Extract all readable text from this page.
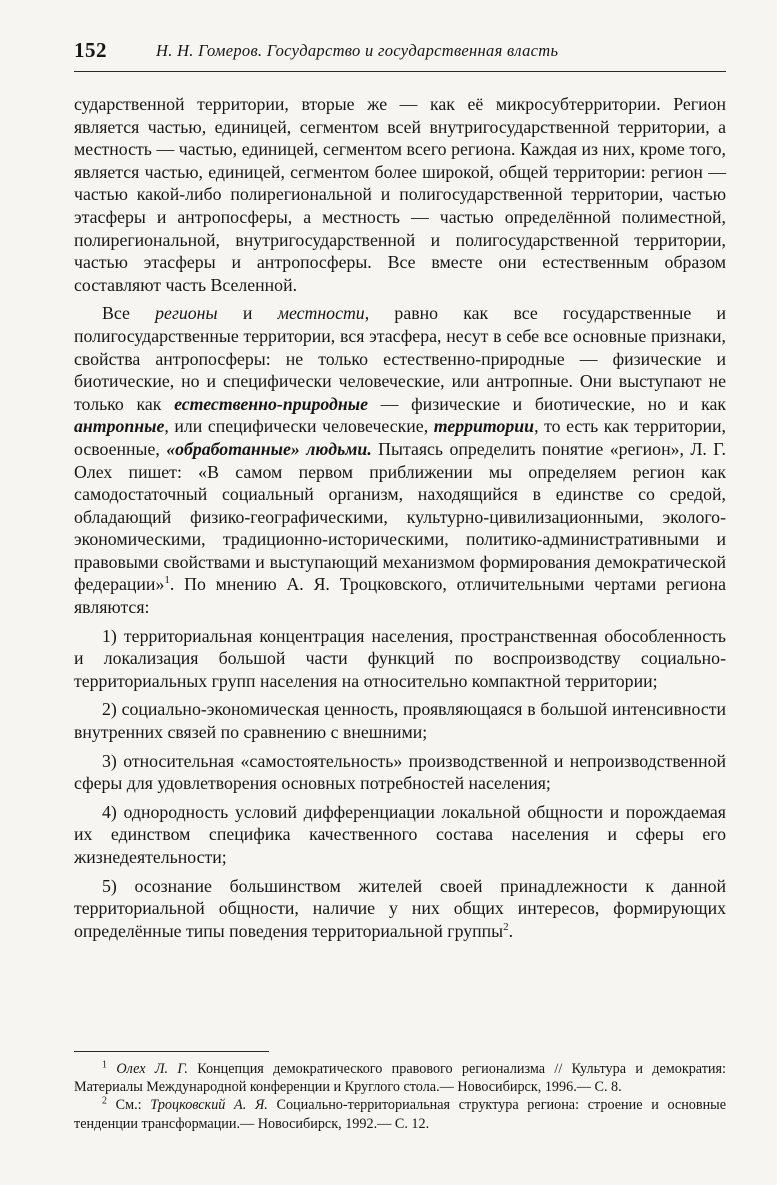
152	Н. Н. Гомеров. Государство и государственная власть

сударственной территории, вторые же — как её микросубтерритории. Регион является частью, единицей, сегментом всей внутригосударственной территории, а местность — частью, единицей, сегментом всего региона. Каждая из них, кроме того, является частью, единицей, сегментом более широкой, общей территории: регион — частью какой-либо полирегиональной и полигосударственной территории, частью этасферы и антропосферы, а местность — частью определённой полиместной, полирегиональной, внутригосударственной и полигосударственной территории, частью этасферы и антропосферы. Все вместе они естественным образом составляют часть Вселенной.

Все регионы и местности, равно как все государственные и полигосударственные территории, вся этасфера, несут в себе все основные признаки, свойства антропосферы: не только естественно-природные — физические и биотические, но и специфически человеческие, или антропные. Они выступают не только как естественно-природные — физические и биотические, но и как антропные, или специфически человеческие, территории, то есть как территории, освоенные, «обработанные» людьми. Пытаясь определить понятие «регион», Л. Г. Олех пишет: «В самом первом приближении мы определяем регион как самодостаточный социальный организм, находящийся в единстве со средой, обладающий физико-географическими, культурно-цивилизационными, эколого-экономическими, традиционно-историческими, политико-административными и правовыми свойствами и выступающий механизмом формирования демократической федерации»$^1$. По мнению А. Я. Троцковского, отличительными чертами региона являются:

1) территориальная концентрация населения, пространственная обособленность и локализация большой части функций по воспроизводству социально-территориальных групп населения на относительно компактной территории;

2) социально-экономическая ценность, проявляющаяся в большой интенсивности внутренних связей по сравнению с внешними;

3) относительная «самостоятельность» производственной и непроизводственной сферы для удовлетворения основных потребностей населения;

4) однородность условий дифференциации локальной общности и порождаемая их единством специфика качественного состава населения и сферы его жизнедеятельности;

5) осознание большинством жителей своей принадлежности к данной территориальной общности, наличие у них общих интересов, формирующих определённые типы поведения территориальной группы$^2$.

$^1$ Олех Л. Г. Концепция демократического правового регионализма // Культура и демократия: Материалы Международной конференции и Круглого стола.— Новосибирск, 1996.— С. 8.

$^2$ См.: Троцковский А. Я. Социально-территориальная структура региона: строение и основные тенденции трансформации.— Новосибирск, 1992.— С. 12.
